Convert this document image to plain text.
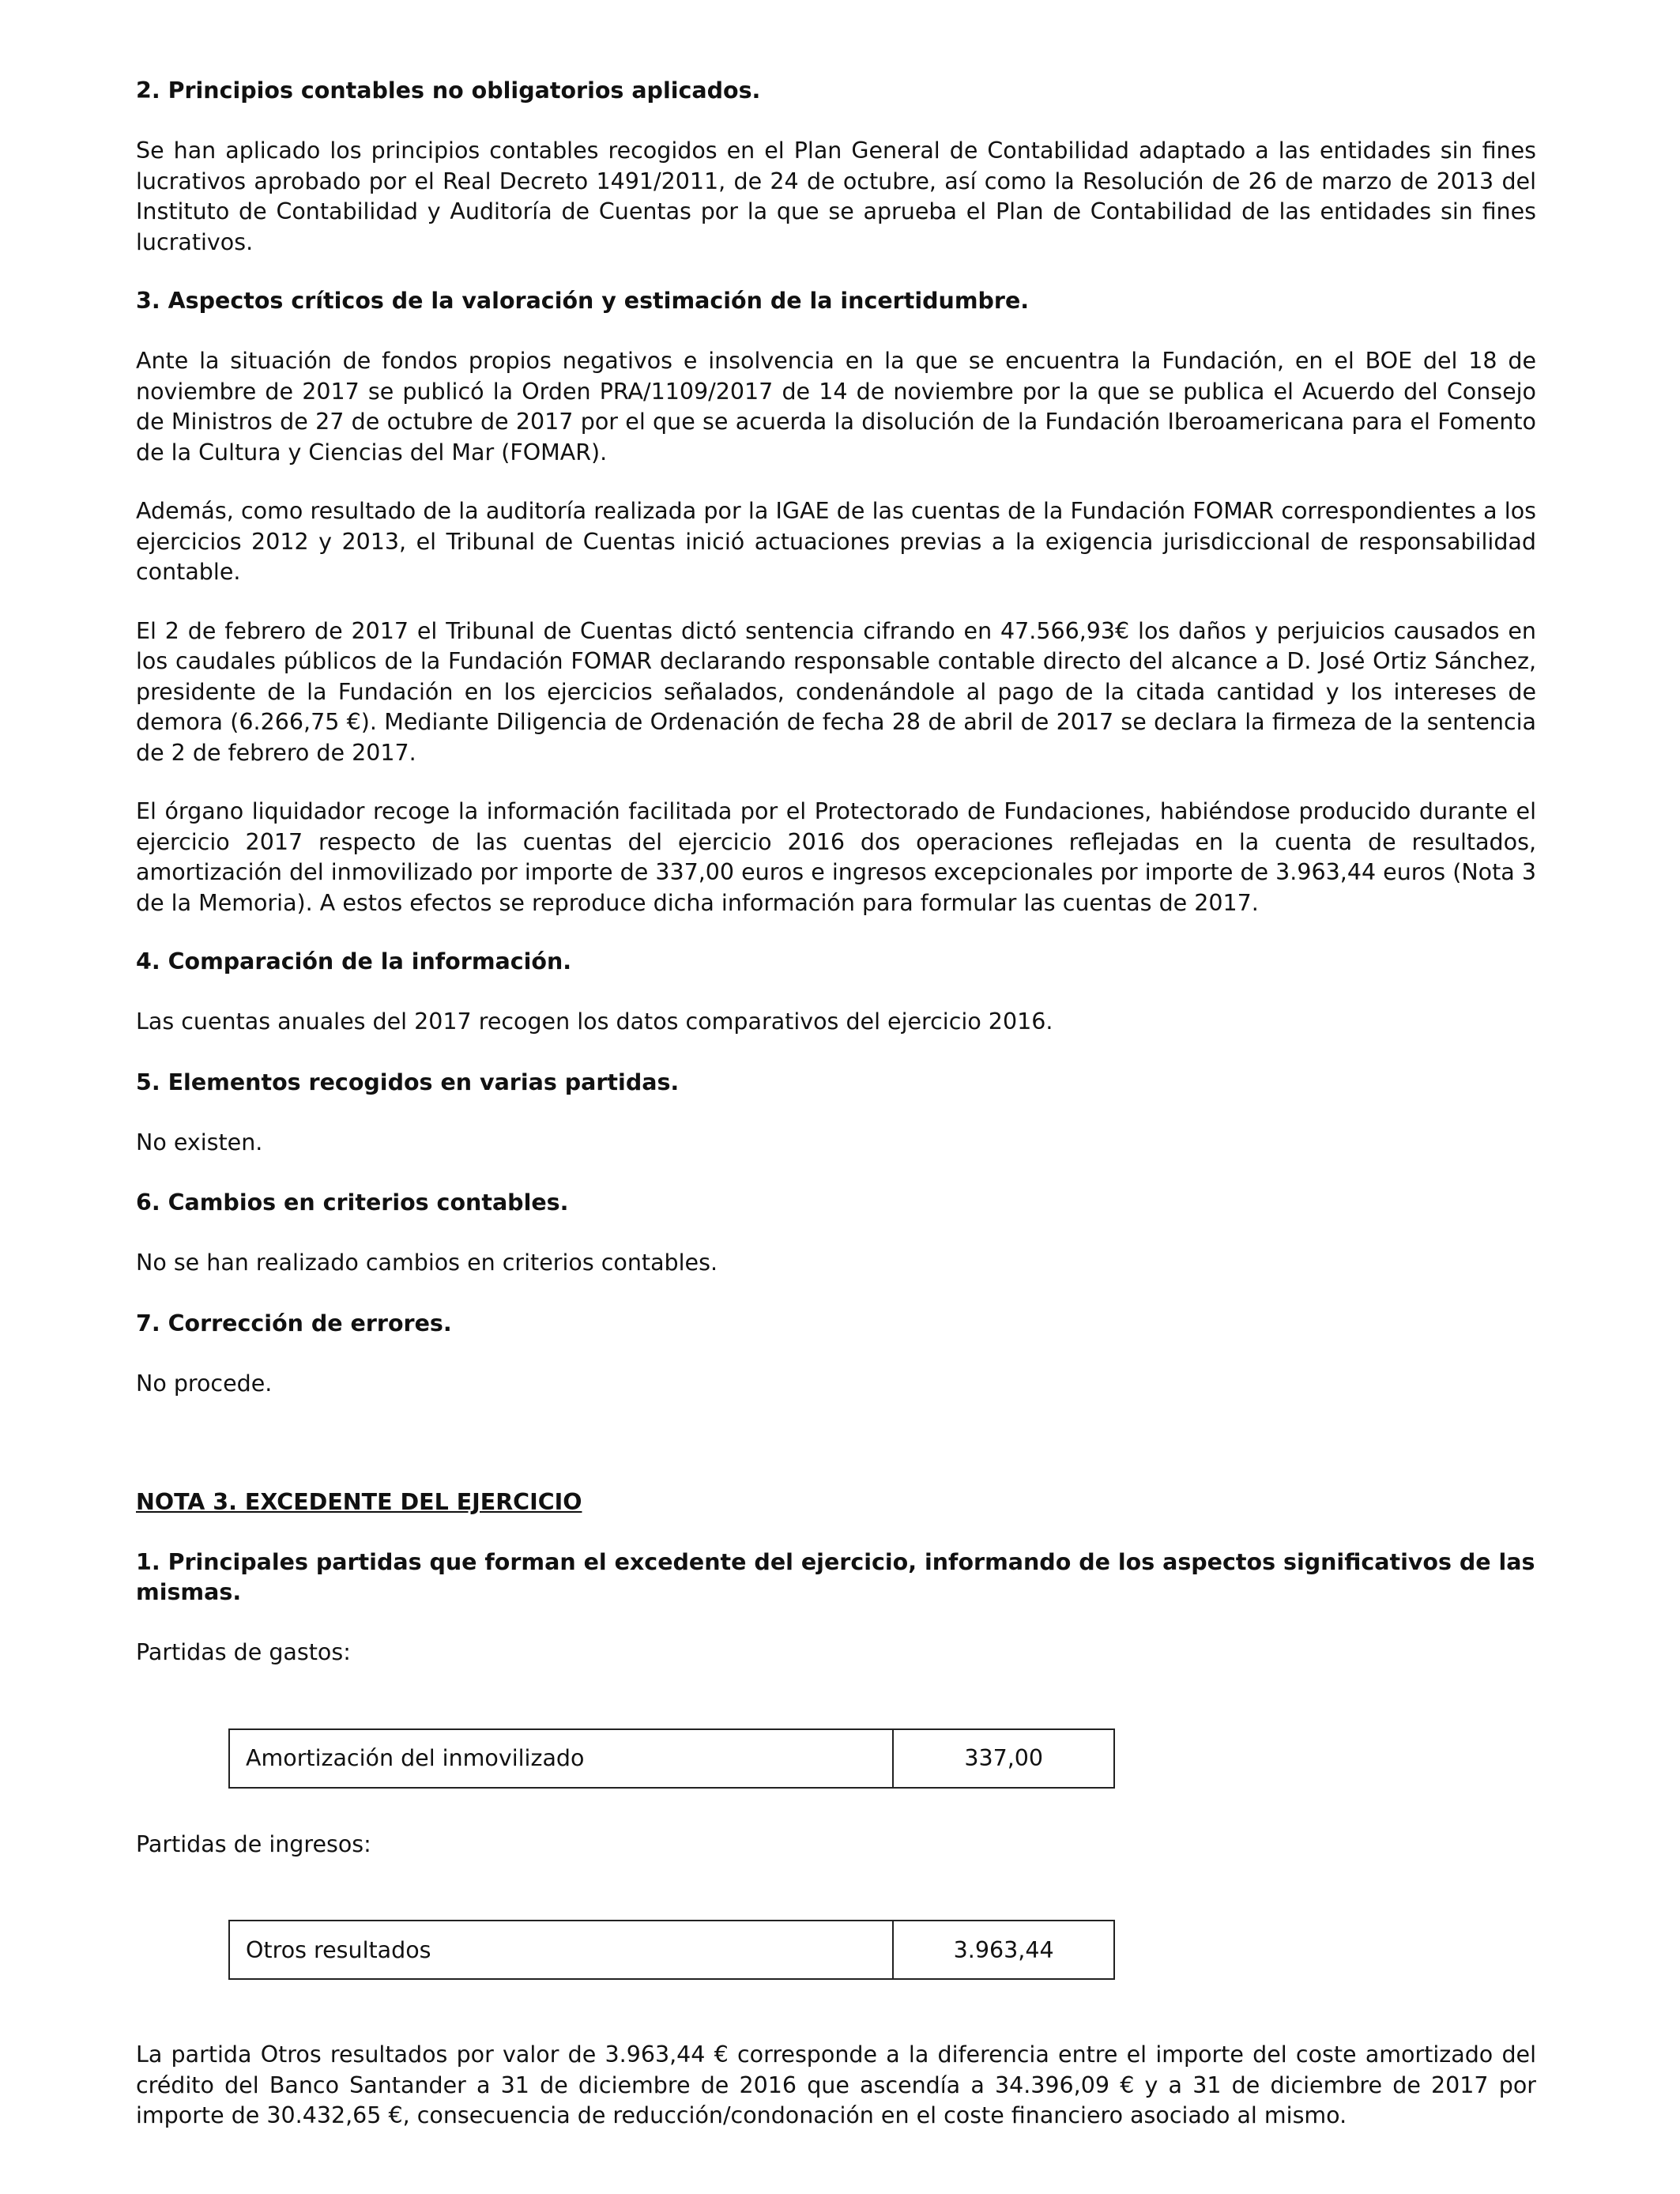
2. Principios contables no obligatorios aplicados.

Se han aplicado los principios contables recogidos en el Plan General de Contabilidad adaptado a las entidades sin fines lucrativos aprobado por el Real Decreto 1491/2011, de 24 de octubre, así como la Resolución de 26 de marzo de 2013 del Instituto de Contabilidad y Auditoría de Cuentas por la que se aprueba el Plan de Contabilidad de las entidades sin fines lucrativos.

3. Aspectos críticos de la valoración y estimación de la incertidumbre.

Ante la situación de fondos propios negativos e insolvencia en la que se encuentra la Fundación, en el BOE del 18 de noviembre de 2017 se publicó la Orden PRA/1109/2017 de 14 de noviembre por la que se publica el Acuerdo del Consejo de Ministros de 27 de octubre de 2017 por el que se acuerda la disolución de la Fundación Iberoamericana para el Fomento de la Cultura y Ciencias del Mar (FOMAR).

Además, como resultado de la auditoría realizada por la IGAE de las cuentas de la Fundación FOMAR correspondientes a los ejercicios 2012 y 2013, el Tribunal de Cuentas inició actuaciones previas a la exigencia jurisdiccional de responsabilidad contable.

El 2 de febrero de 2017 el Tribunal de Cuentas dictó sentencia cifrando en 47.566,93€ los daños y perjuicios causados en los caudales públicos de la Fundación FOMAR declarando responsable contable directo del alcance a D. José Ortiz Sánchez, presidente de la Fundación en los ejercicios señalados, condenándole al pago de la citada cantidad y los intereses de demora (6.266,75 €). Mediante Diligencia de Ordenación de fecha 28 de abril de 2017 se declara la firmeza de la sentencia de 2 de febrero de 2017.

El órgano liquidador recoge la información facilitada por el Protectorado de Fundaciones, habiéndose producido durante el ejercicio 2017 respecto de las cuentas del ejercicio 2016 dos operaciones reflejadas en la cuenta de resultados, amortización del inmovilizado por importe de 337,00 euros e ingresos excepcionales por importe de 3.963,44 euros (Nota 3 de la Memoria). A estos efectos se reproduce dicha información para formular las cuentas de 2017.

4. Comparación de la información.

Las cuentas anuales del 2017 recogen los datos comparativos del ejercicio 2016.

5. Elementos recogidos en varias partidas.

No existen.

6. Cambios en criterios contables.

No se han realizado cambios en criterios contables.

7. Corrección de errores.

No procede.

NOTA 3. EXCEDENTE DEL EJERCICIO

1. Principales partidas que forman el excedente del ejercicio, informando de los aspectos significativos de las mismas.

Partidas de gastos:

Amortización del inmovilizado	337,00

Partidas de ingresos:

Otros resultados	3.963,44

La partida Otros resultados por valor de 3.963,44 € corresponde a la diferencia entre el importe del coste amortizado del crédito del Banco Santander a 31 de diciembre de 2016 que ascendía a 34.396,09 € y a 31 de diciembre de 2017 por importe de 30.432,65 €, consecuencia de reducción/condonación en el coste financiero asociado al mismo.
